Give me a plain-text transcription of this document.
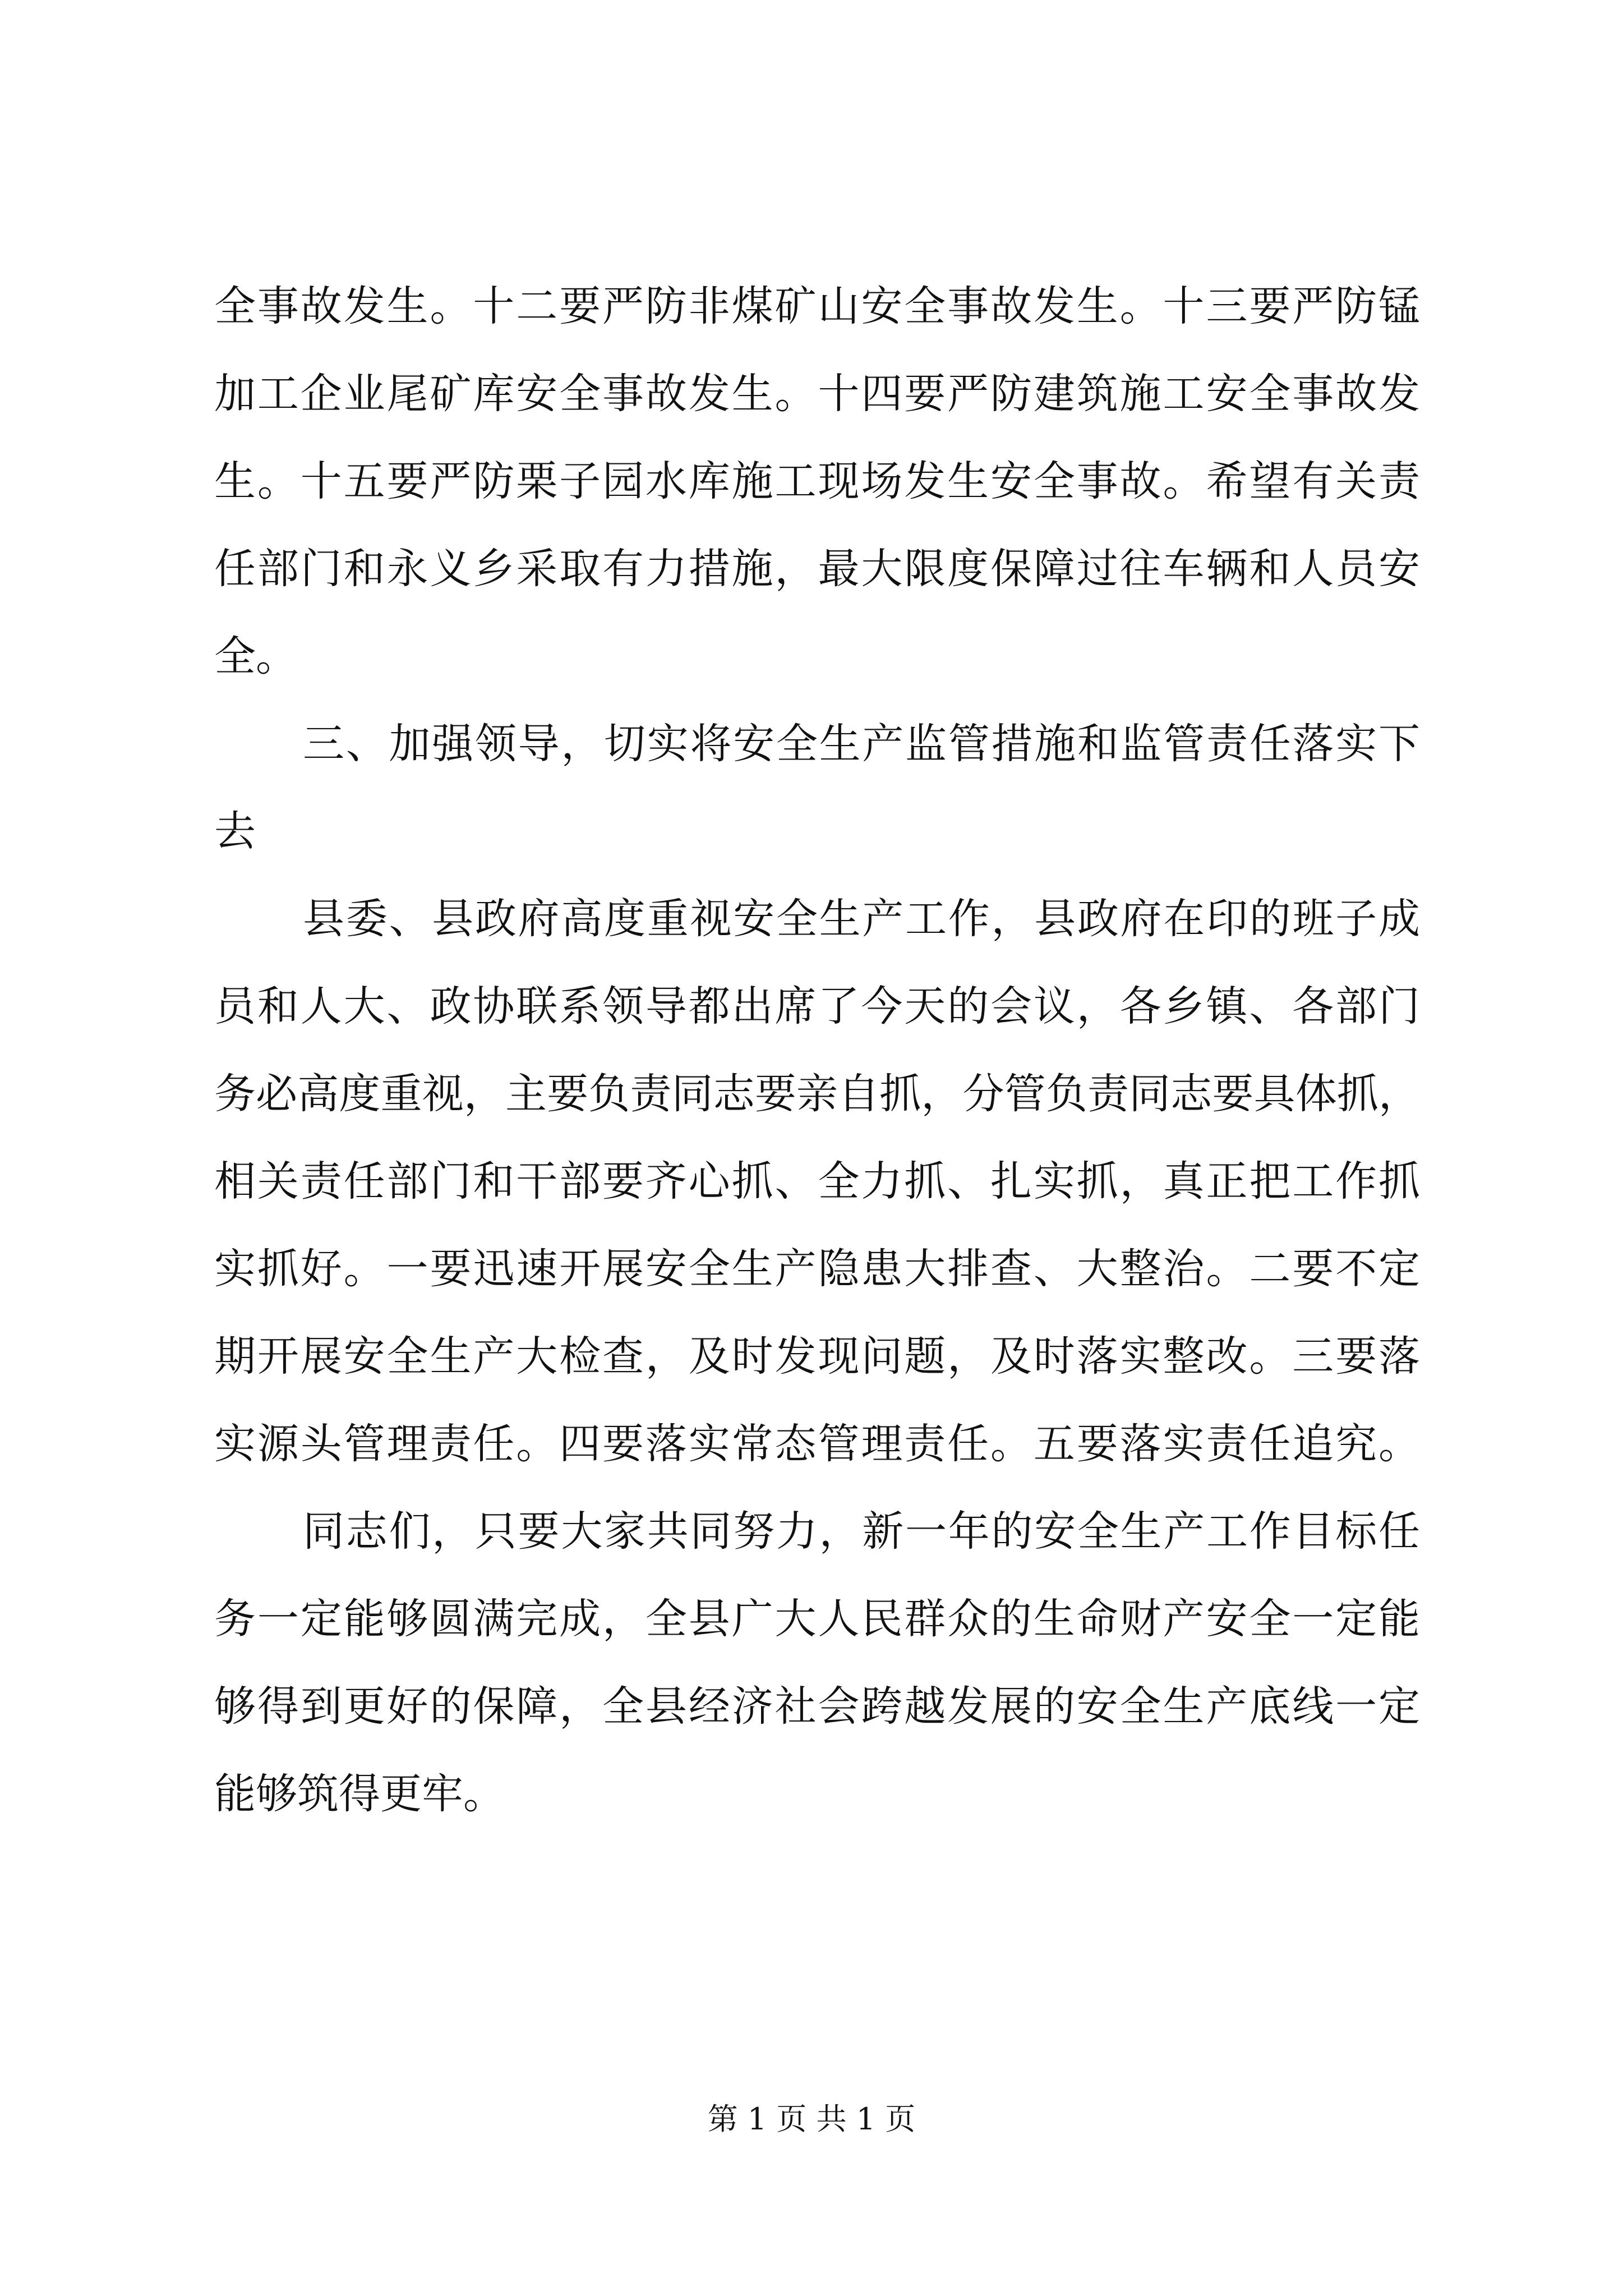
全事故发生。十二要严防非煤矿山安全事故发生。十三要严防锰

加工企业尾矿库安全事故发生。十四要严防建筑施工安全事故发

生。十五要严防栗子园水库施工现场发生安全事故。希望有关责

任部门和永义乡采取有力措施，最大限度保障过往车辆和人员安

全。

三、加强领导，切实将安全生产监管措施和监管责任落实下

去

县委、县政府高度重视安全生产工作，县政府在印的班子成

员和人大、政协联系领导都出席了今天的会议，各乡镇、各部门

务必高度重视，主要负责同志要亲自抓，分管负责同志要具体抓，

相关责任部门和干部要齐心抓、全力抓、扎实抓，真正把工作抓

实抓好。一要迅速开展安全生产隐患大排查、大整治。二要不定

期开展安全生产大检查，及时发现问题，及时落实整改。三要落

实源头管理责任。四要落实常态管理责任。五要落实责任追究。

同志们，只要大家共同努力，新一年的安全生产工作目标任

务一定能够圆满完成，全县广大人民群众的生命财产安全一定能

够得到更好的保障，全县经济社会跨越发展的安全生产底线一定

能够筑得更牢。

第 1 页 共 1 页
